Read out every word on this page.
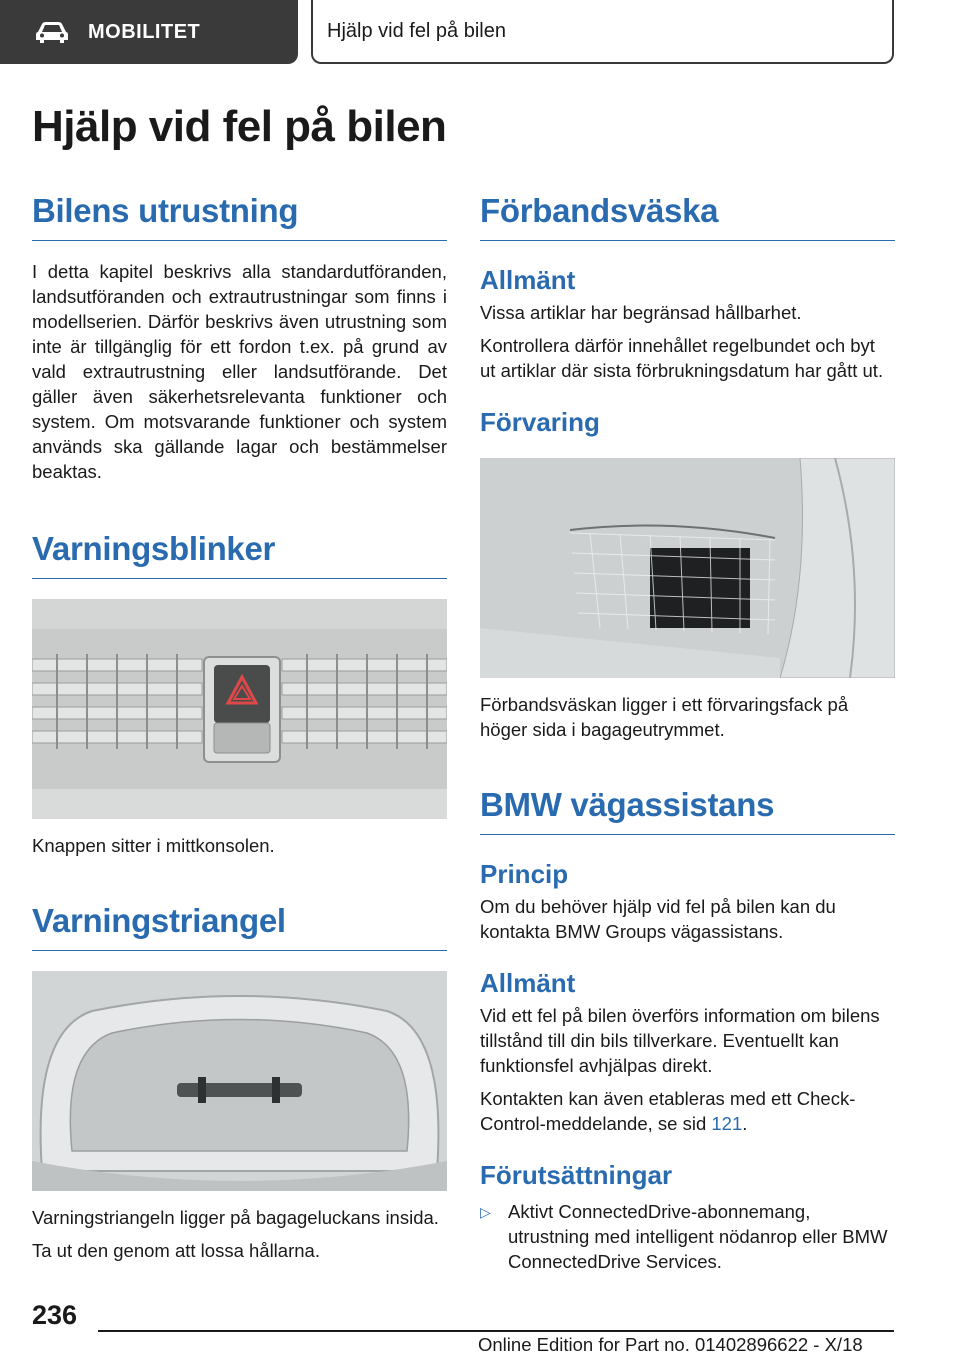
MOBILITET	Hjälp vid fel på bilen
Hjälp vid fel på bilen
Bilens utrustning

I detta kapitel beskrivs alla standardutföranden, landsutföranden och extrautrustningar som finns i modellserien. Därför beskrivs även utrustning som inte är tillgänglig för ett fordon t.ex. på grund av vald extrautrustning eller landsutförande. Det gäller även säkerhetsrelevanta funktioner och system. Om motsvarande funktioner och system används ska gällande lagar och bestämmelser beaktas.

Varningsblinker

Knappen sitter i mittkonsolen.

Varningstriangel

Varningstriangeln ligger på bagageluckans insida.

Ta ut den genom att lossa hållarna.

Förbandsväska
Allmänt

Vissa artiklar har begränsad hållbarhet.

Kontrollera därför innehållet regelbundet och byt ut artiklar där sista förbrukningsdatum har gått ut.

Förvaring

Förbandsväskan ligger i ett förvaringsfack på höger sida i bagageutrymmet.

BMW vägassistans
Princip

Om du behöver hjälp vid fel på bilen kan du kontakta BMW Groups vägassistans.

Allmänt

Vid ett fel på bilen överförs information om bilens tillstånd till din bils tillverkare. Eventuellt kan funktionsfel avhjälpas direkt.

Kontakten kan även etableras med ett Check-Control-meddelande, se sid 121.

Förutsättningar
▷ Aktivt ConnectedDrive-abonnemang, utrustning med intelligent nödanrop eller BMW ConnectedDrive Services.
236
Online Edition for Part no. 01402896622 - X/18
